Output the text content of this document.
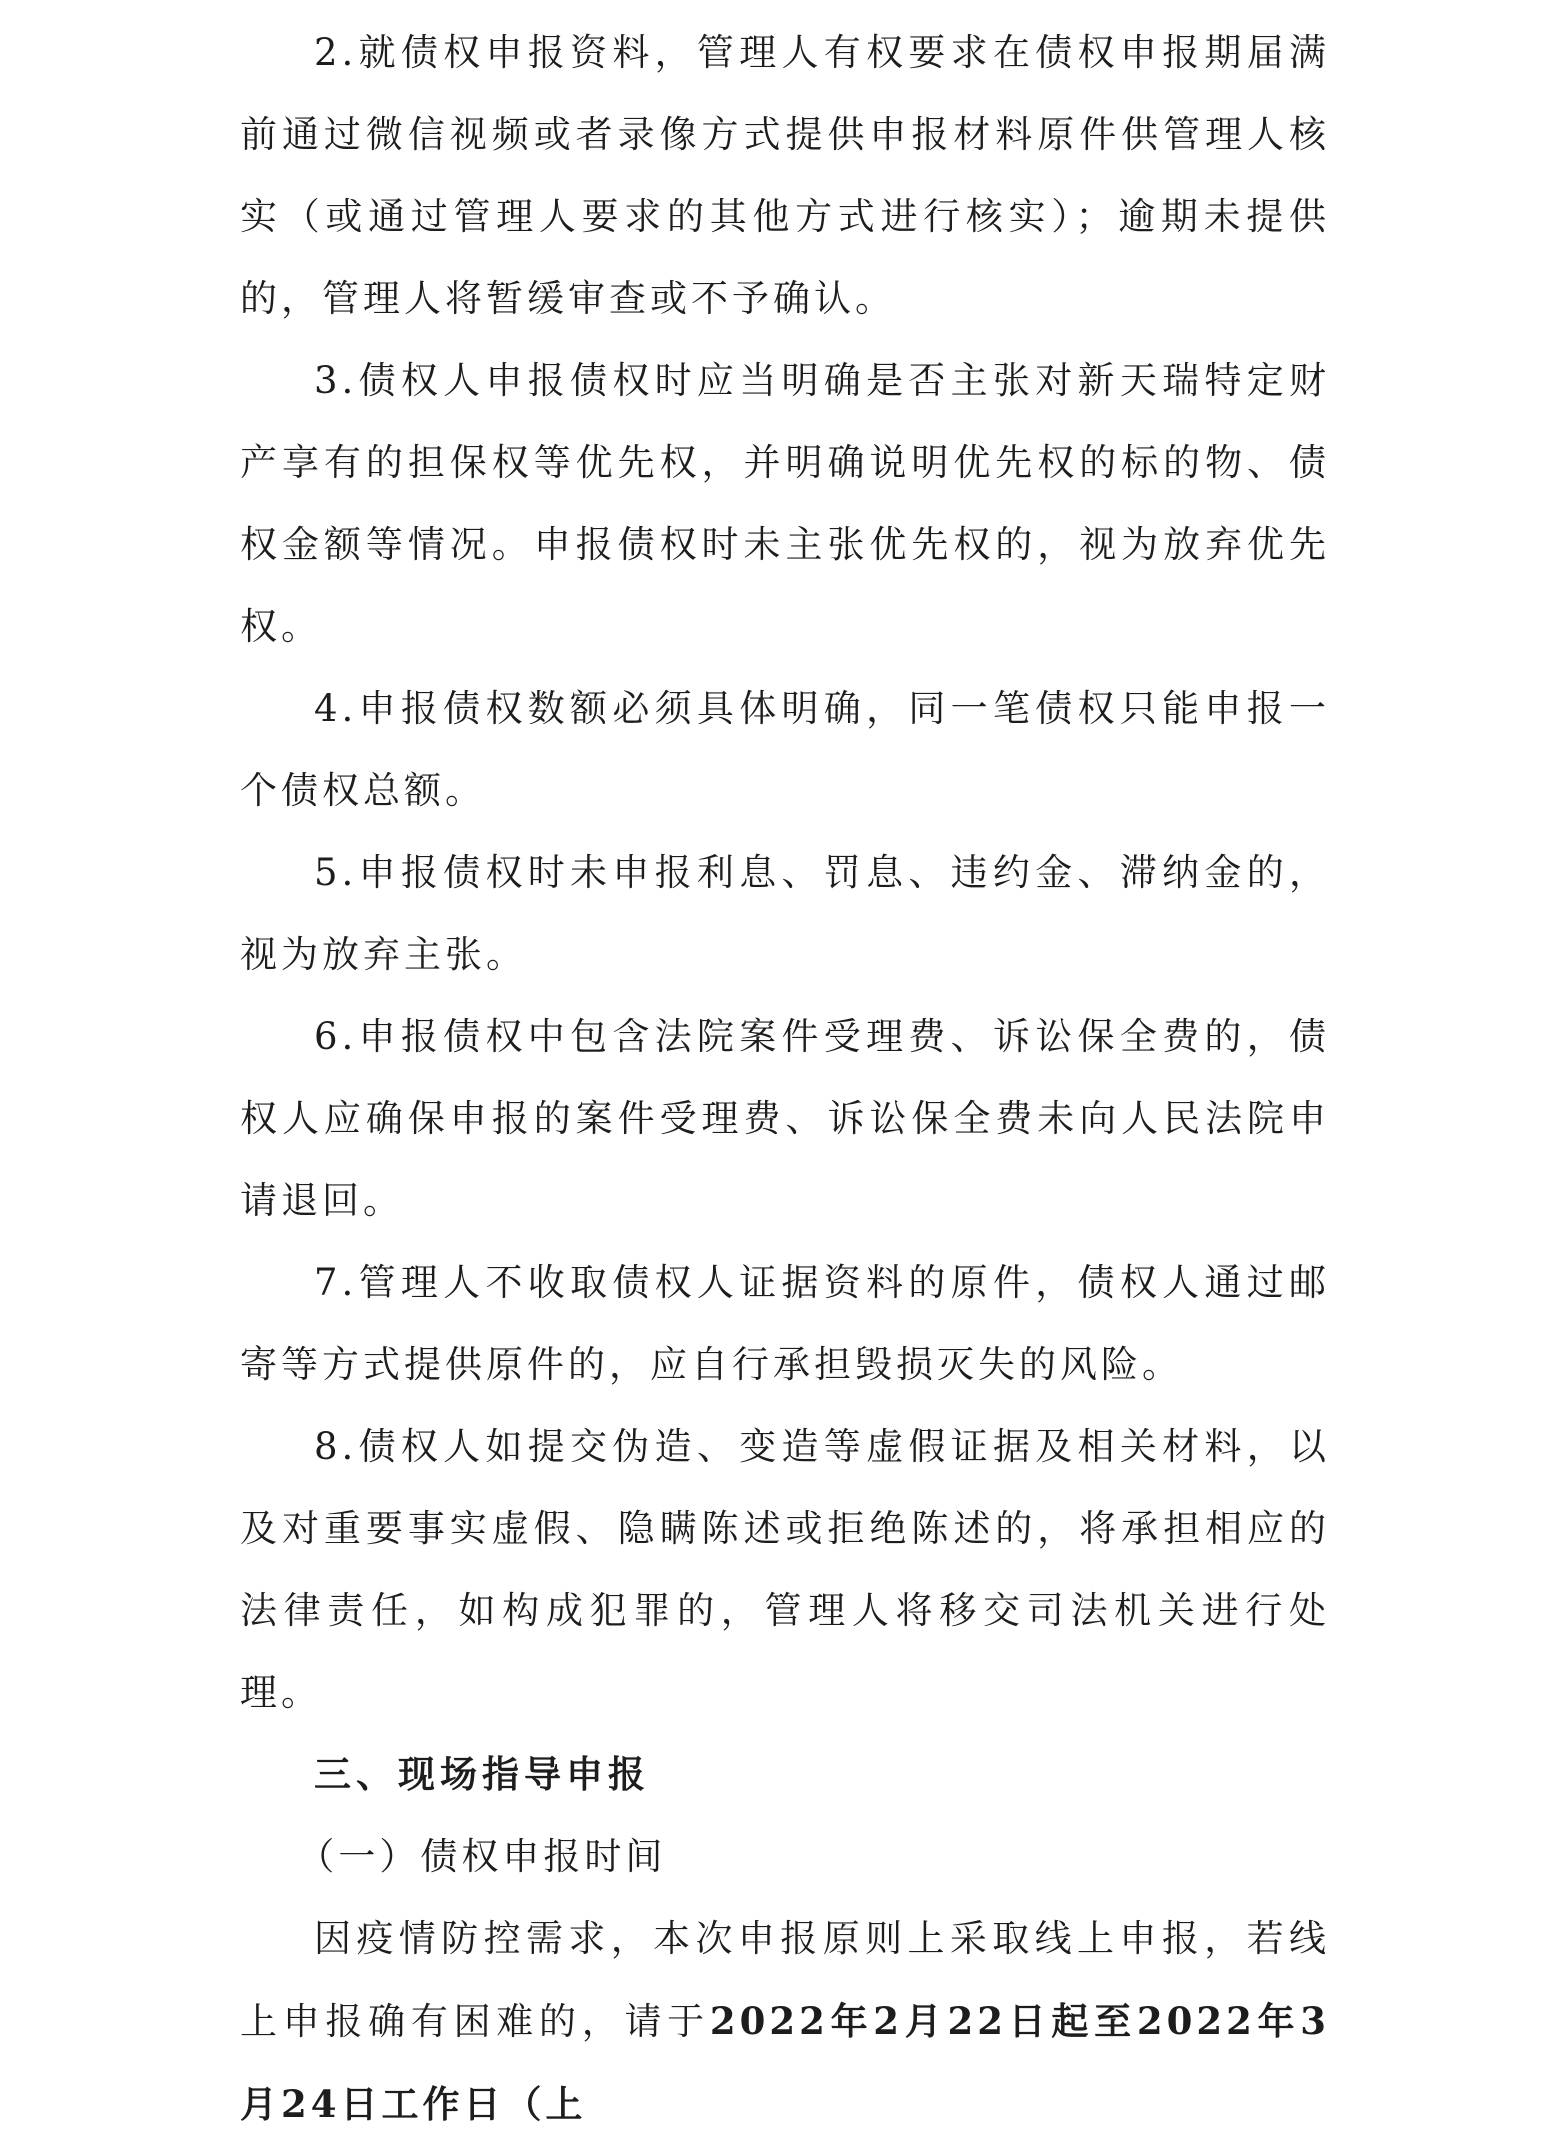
2.就债权申报资料，管理人有权要求在债权申报期届满前通过微信视频或者录像方式提供申报材料原件供管理人核实（或通过管理人要求的其他方式进行核实）；逾期未提供的，管理人将暂缓审查或不予确认。

3.债权人申报债权时应当明确是否主张对新天瑞特定财产享有的担保权等优先权，并明确说明优先权的标的物、债权金额等情况。申报债权时未主张优先权的，视为放弃优先权。

4.申报债权数额必须具体明确，同一笔债权只能申报一个债权总额。

5.申报债权时未申报利息、罚息、违约金、滞纳金的，视为放弃主张。

6.申报债权中包含法院案件受理费、诉讼保全费的，债权人应确保申报的案件受理费、诉讼保全费未向人民法院申请退回。

7.管理人不收取债权人证据资料的原件，债权人通过邮寄等方式提供原件的，应自行承担毁损灭失的风险。

8.债权人如提交伪造、变造等虚假证据及相关材料，以及对重要事实虚假、隐瞒陈述或拒绝陈述的，将承担相应的法律责任，如构成犯罪的，管理人将移交司法机关进行处理。

三、现场指导申报

（一）债权申报时间

因疫情防控需求，本次申报原则上采取线上申报，若线上申报确有困难的，请于2022年2月22日起至2022年3月24日工作日（上
